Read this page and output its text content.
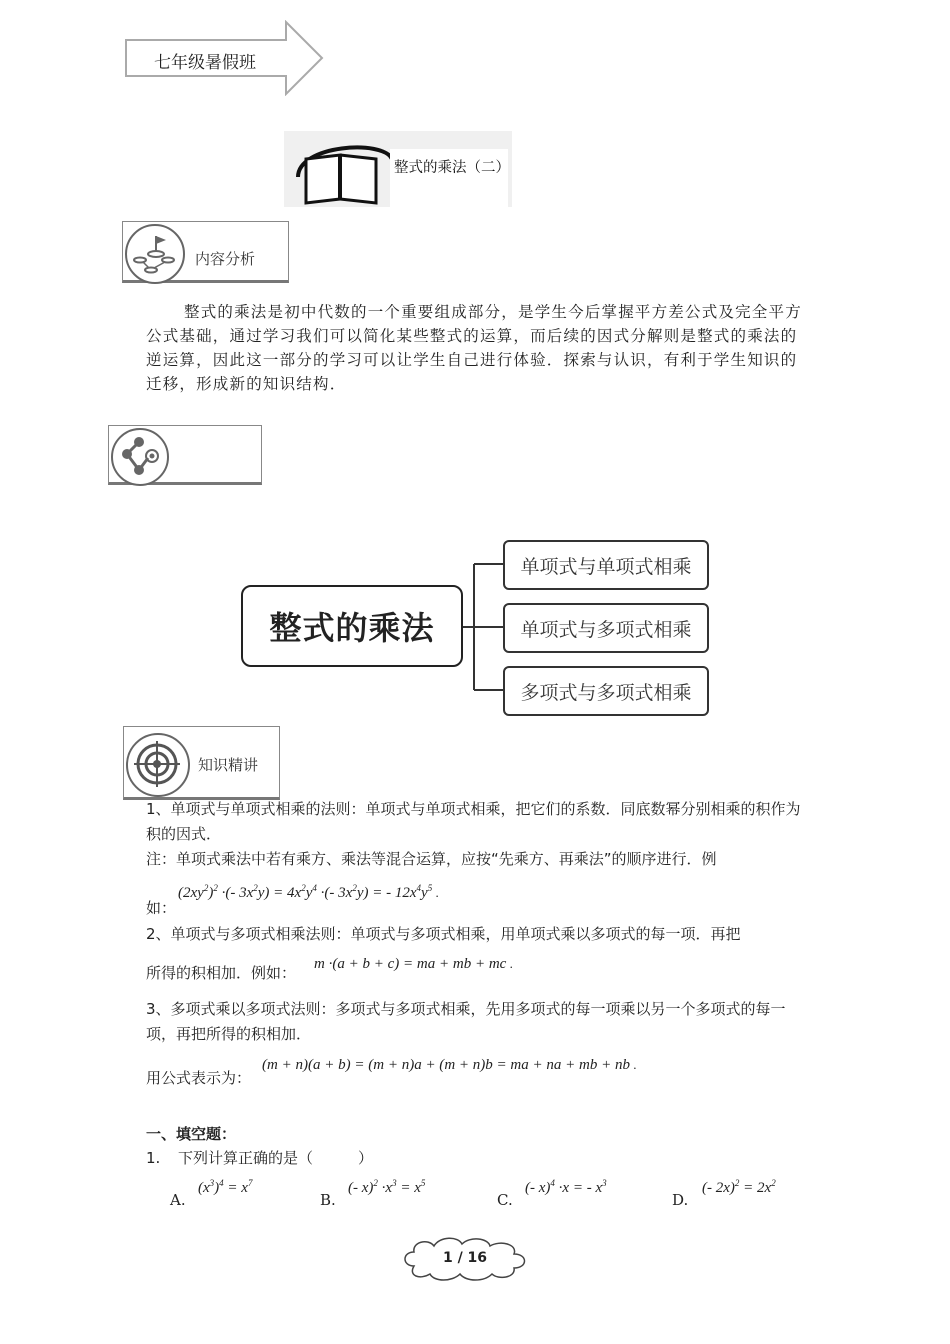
七年级暑假班
整式的乘法（二）
内容分析
整式的乘法是初中代数的一个重要组成部分，是学生今后掌握平方差公式及完全平方公式基础，通过学习我们可以简化某些整式的运算，而后续的因式分解则是整式的乘法的逆运算，因此这一部分的学习可以让学生自己进行体验．探索与认识，有利于学生知识的迁移，形成新的知识结构．
整式的乘法
单项式与单项式相乘
单项式与多项式相乘
多项式与多项式相乘
知识精讲
1、单项式与单项式相乘的法则：单项式与单项式相乘，把它们的系数．同底数幂分别相乘的积作为积的因式．
注：单项式乘法中若有乘方、乘法等混合运算，应按“先乘方、再乘法”的顺序进行．例
如：
$(2xy^2)^2$ ·(- $3x^2y) = 4x^2y^4$ ·(- $3x^2y$) = - $12x^4y^5$ .
2、单项式与多项式相乘法则：单项式与多项式相乘，用单项式乘以多项式的每一项．再把
所得的积相加．例如： m ·(a + b + c) = ma + mb + mc .
3、多项式乘以多项式法则：多项式与多项式相乘，先用多项式的每一项乘以另一个多项式的每一项，再把所得的积相加．
用公式表示为：
(m + n)(a + b) = (m + n)a + (m + n)b = ma + na + mb + nb .
一、填空题：
1. 下列计算正确的是（　　　）
A.
$(x^3)^4 = x^7$
B.
(- $x)^2 \cdot x^3 = x^5$
C.
(- x)$^4$ ·x = - $x^3$
D.
(- $2x)^2 = 2x^2$
1 / 16
